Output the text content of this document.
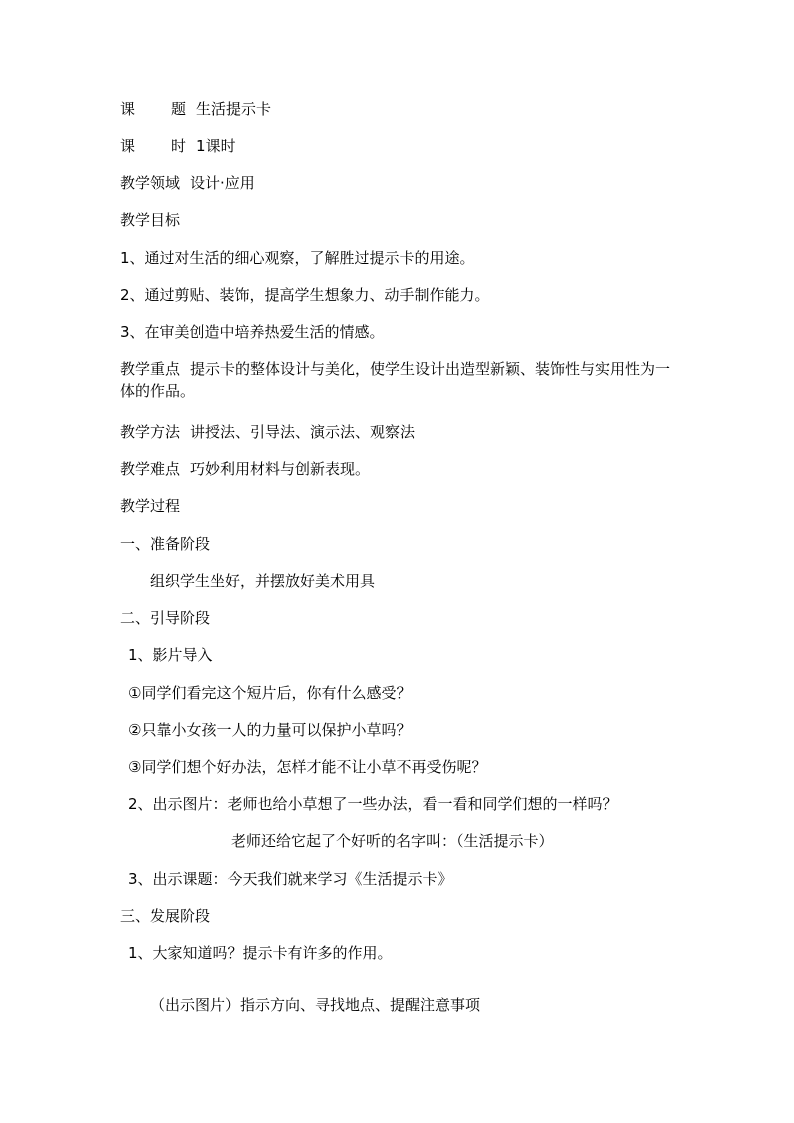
课 题 生活提示卡
课 时 1课时
教学领域 设计·应用
教学目标
1、通过对生活的细心观察，了解胜过提示卡的用途。
2、通过剪贴、装饰，提高学生想象力、动手制作能力。
3、在审美创造中培养热爱生活的情感。
教学重点 提示卡的整体设计与美化，使学生设计出造型新颖、装饰性与实用性为一体的作品。
教学方法 讲授法、引导法、演示法、观察法
教学难点 巧妙利用材料与创新表现。
教学过程
一、准备阶段
组织学生坐好，并摆放好美术用具
二、引导阶段
1、影片导入
①同学们看完这个短片后，你有什么感受？
②只靠小女孩一人的力量可以保护小草吗？
③同学们想个好办法，怎样才能不让小草不再受伤呢？
2、出示图片：老师也给小草想了一些办法，看一看和同学们想的一样吗？
老师还给它起了个好听的名字叫：（生活提示卡）
3、出示课题：今天我们就来学习《生活提示卡》
三、发展阶段
1、大家知道吗？提示卡有许多的作用。
（出示图片）指示方向、寻找地点、提醒注意事项
